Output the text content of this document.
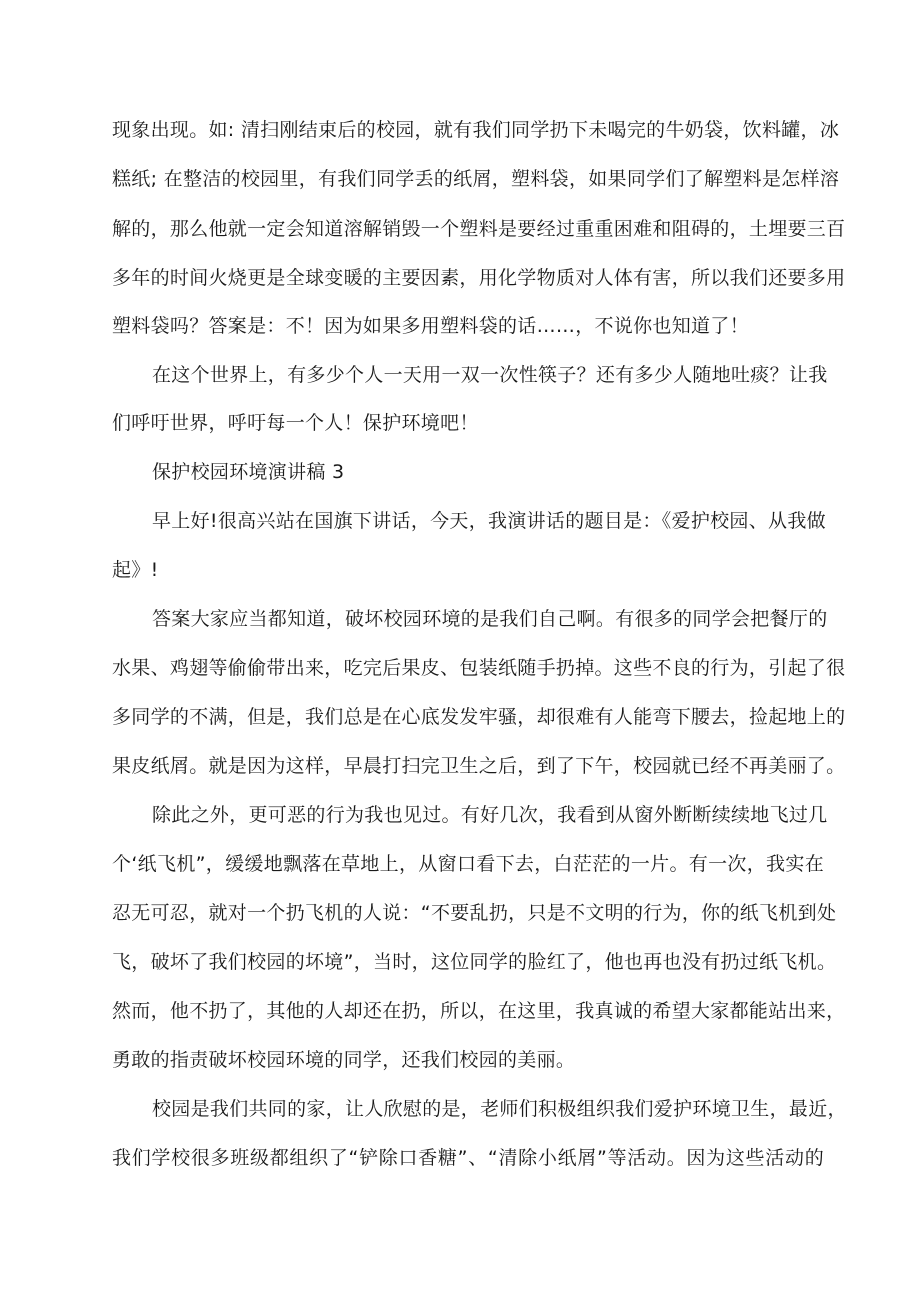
现象出现。如: 清扫刚结束后的校园，就有我们同学扔下未喝完的牛奶袋，饮料罐，冰
糕纸; 在整洁的校园里，有我们同学丢的纸屑，塑料袋，如果同学们了解塑料是怎样溶
解的，那么他就一定会知道溶解销毁一个塑料是要经过重重困难和阻碍的，土埋要三百
多年的时间火烧更是全球变暖的主要因素，用化学物质对人体有害，所以我们还要多用
塑料袋吗？答案是：不！因为如果多用塑料袋的话……，不说你也知道了！
在这个世界上，有多少个人一天用一双一次性筷子？还有多少人随地吐痰？让我
们呼吁世界，呼吁每一个人！保护环境吧！
保护校园环境演讲稿 3
早上好!很高兴站在国旗下讲话，今天，我演讲话的题目是：《爱护校园、从我做
起》!
答案大家应当都知道，破坏校园环境的是我们自己啊。有很多的同学会把餐厅的
水果、鸡翅等偷偷带出来，吃完后果皮、包装纸随手扔掉。这些不良的行为，引起了很
多同学的不满，但是，我们总是在心底发发牢骚，却很难有人能弯下腰去，捡起地上的
果皮纸屑。就是因为这样，早晨打扫完卫生之后，到了下午，校园就已经不再美丽了。
除此之外，更可恶的行为我也见过。有好几次，我看到从窗外断断续续地飞过几
个‘纸飞机”，缓缓地飘落在草地上，从窗口看下去，白茫茫的一片。有一次，我实在
忍无可忍，就对一个扔飞机的人说：“不要乱扔，只是不文明的行为，你的纸飞机到处
飞，破坏了我们校园的坏境”，当时，这位同学的脸红了，他也再也没有扔过纸飞机。
然而，他不扔了，其他的人却还在扔，所以，在这里，我真诚的希望大家都能站出来，
勇敢的指责破坏校园环境的同学，还我们校园的美丽。
校园是我们共同的家，让人欣慰的是，老师们积极组织我们爱护环境卫生，最近，
我们学校很多班级都组织了“铲除口香糖”、“清除小纸屑”等活动。因为这些活动的
